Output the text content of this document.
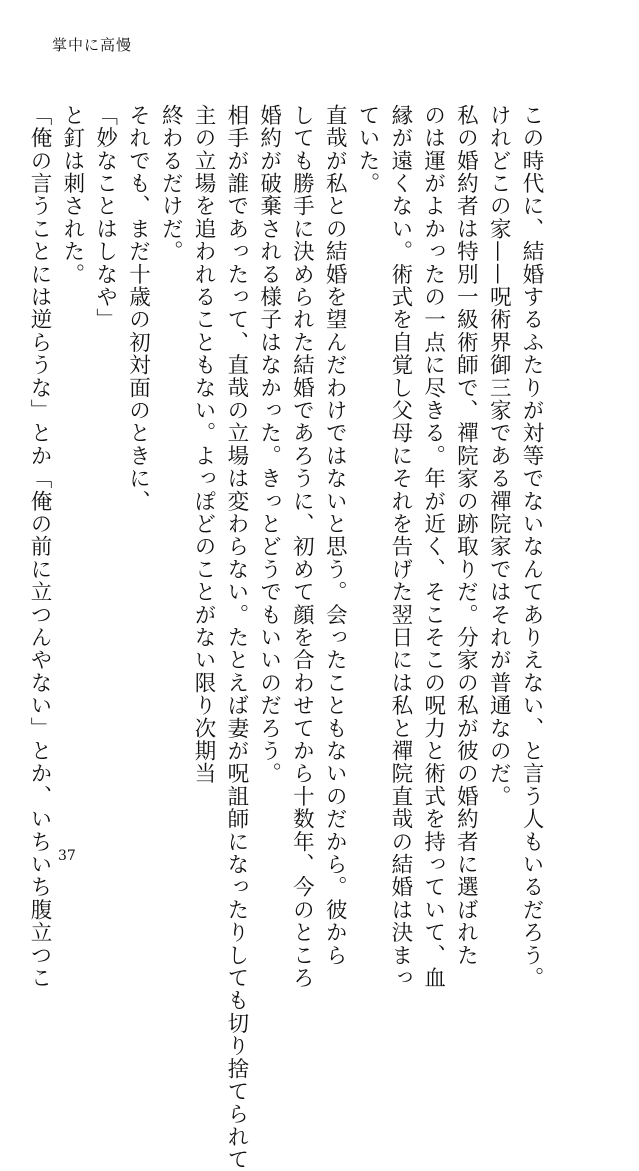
掌中に高慢
この時代に、結婚するふたりが対等でないなんてありえない、と言う人もいるだろう。
けれどこの家——呪術界御三家である禪院家ではそれが普通なのだ。
私の婚約者は特別一級術師で、禪院家の跡取りだ。分家の私が彼の婚約者に選ばれた
のは運がよかったの一点に尽きる。年が近く、そこそこの呪力と術式を持っていて、血
縁が遠くない。術式を自覚し父母にそれを告げた翌日には私と禪院直哉の結婚は決まっ
ていた。
直哉が私との結婚を望んだわけではないと思う。会ったこともないのだから。彼から
しても勝手に決められた結婚であろうに、初めて顔を合わせてから十数年、今のところ
婚約が破棄される様子はなかった。きっとどうでもいいのだろう。
相手が誰であったって、直哉の立場は変わらない。たとえば妻が呪詛師になったりしても切り捨てられて
主の立場を追われることもない。よっぽどのことがない限り次期当
終わるだけだ。
それでも、まだ十歳の初対面のときに、
「妙なことはしなや」
と釘は刺された。
「俺の言うことには逆らうな」とか「俺の前に立つんやない」とか、いちいち腹立つこ 37
